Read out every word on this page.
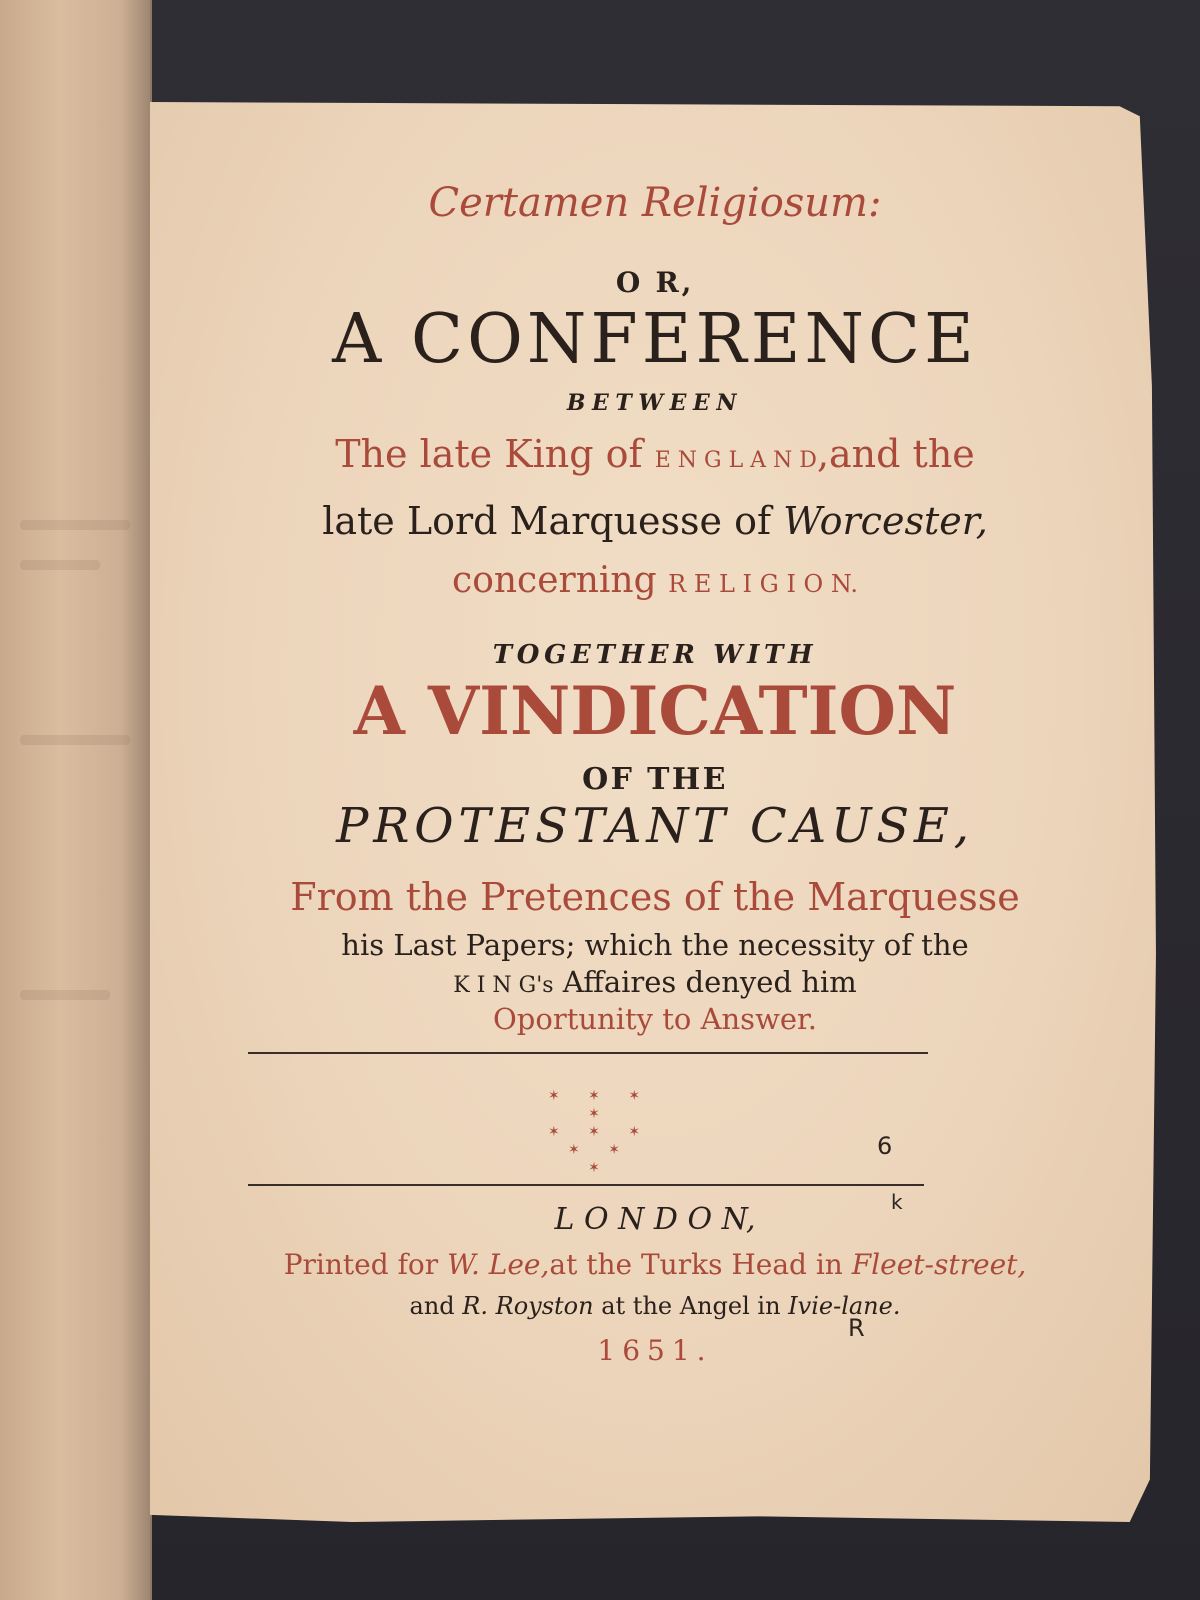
Certamen Religiosum:
O R,
A CONFERENCE
BETWEEN
The late King of E N G L A N D,and the
late Lord Marquesse of Worcester,
concerning R E L I G I O N.
TOGETHER WITH
A VINDICATION
OF THE
PROTESTANT CAUSE,
From the Pretences of the Marquesse
his Last Papers; which the necessity of the
K I N G's Affaires denyed him
Oportunity to Answer.
✶ ✶ ✶ ✶
✶ ✶ ✶
✶ ✶
✶
L O N D O N,
Printed for W. Lee,at the Turks Head in Fleet-street,
and R. Royston at the Angel in Ivie-lane.
1651.
6
k
R
